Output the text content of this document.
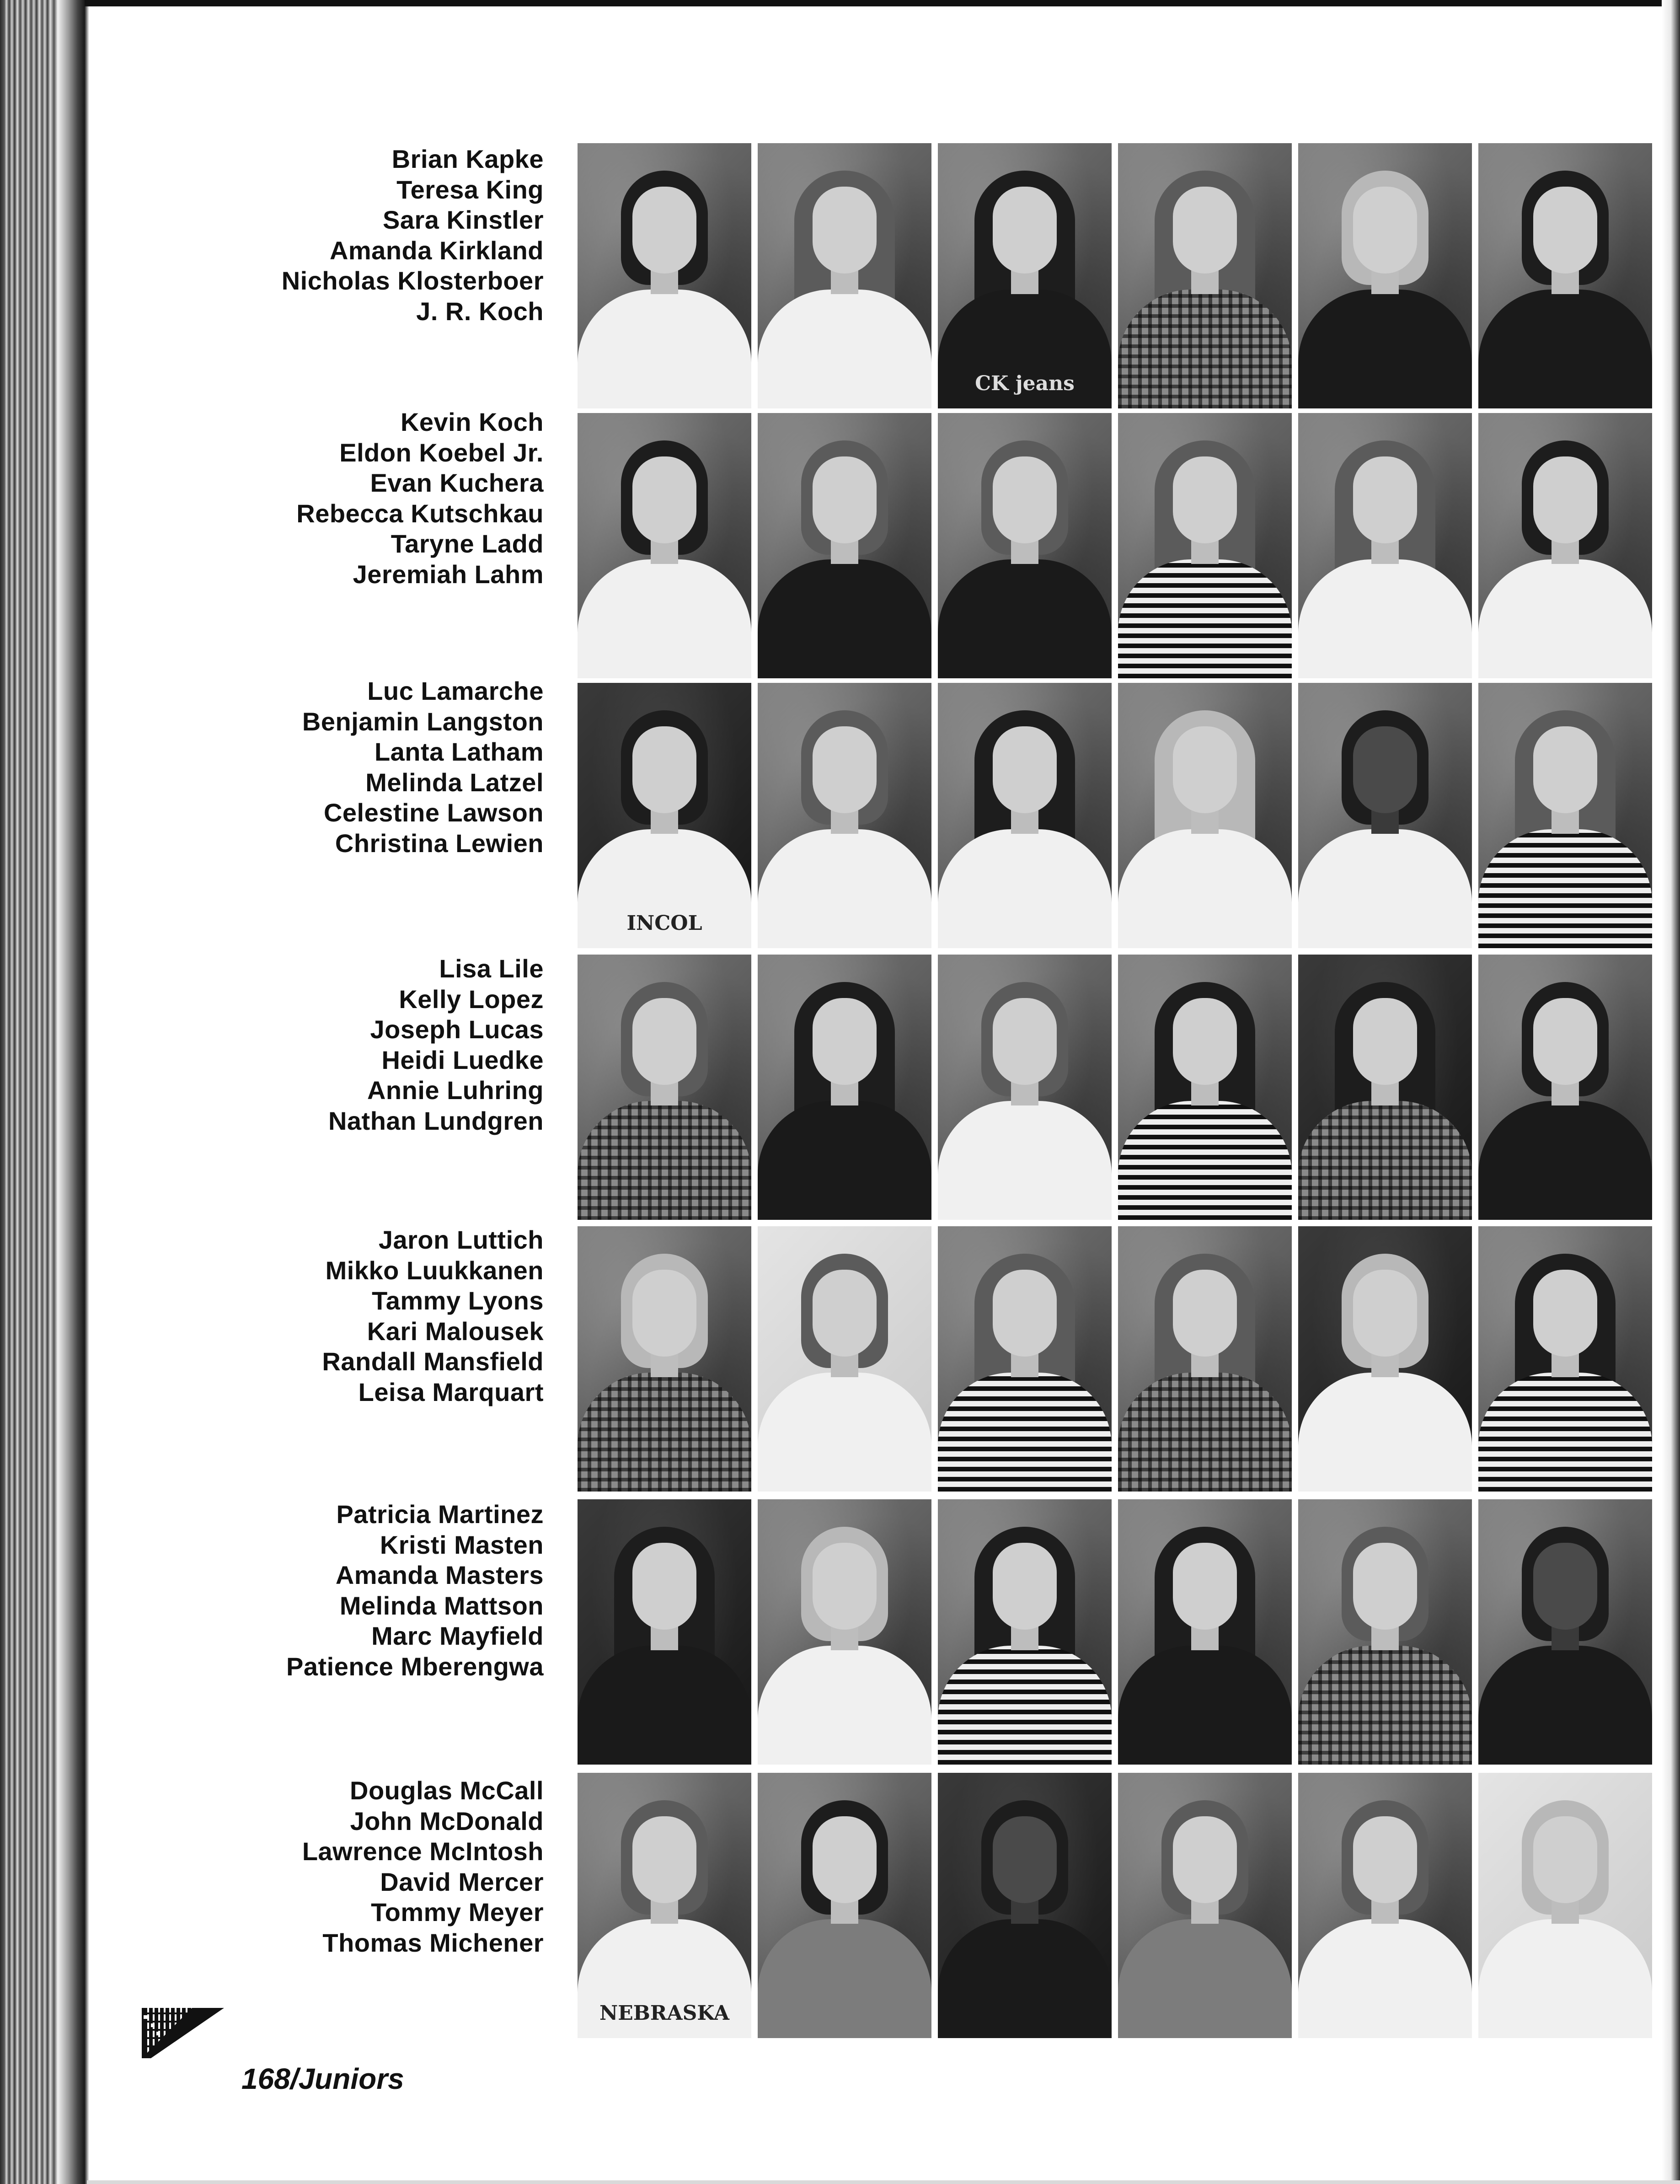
Brian Kapke
Teresa King
Sara Kinstler
Amanda Kirkland
Nicholas Klosterboer
J. R. Koch
Kevin Koch
Eldon Koebel Jr.
Evan Kuchera
Rebecca Kutschkau
Taryne Ladd
Jeremiah Lahm
Luc Lamarche
Benjamin Langston
Lanta Latham
Melinda Latzel
Celestine Lawson
Christina Lewien
Lisa Lile
Kelly Lopez
Joseph Lucas
Heidi Luedke
Annie Luhring
Nathan Lundgren
Jaron Luttich
Mikko Luukkanen
Tammy Lyons
Kari Malousek
Randall Mansfield
Leisa Marquart
Patricia Martinez
Kristi Masten
Amanda Masters
Melinda Mattson
Marc Mayfield
Patience Mberengwa
Douglas McCall
John McDonald
Lawrence McIntosh
David Mercer
Tommy Meyer
Thomas Michener
CK jeans
INCOL
NEBRASKA
168/Juniors
